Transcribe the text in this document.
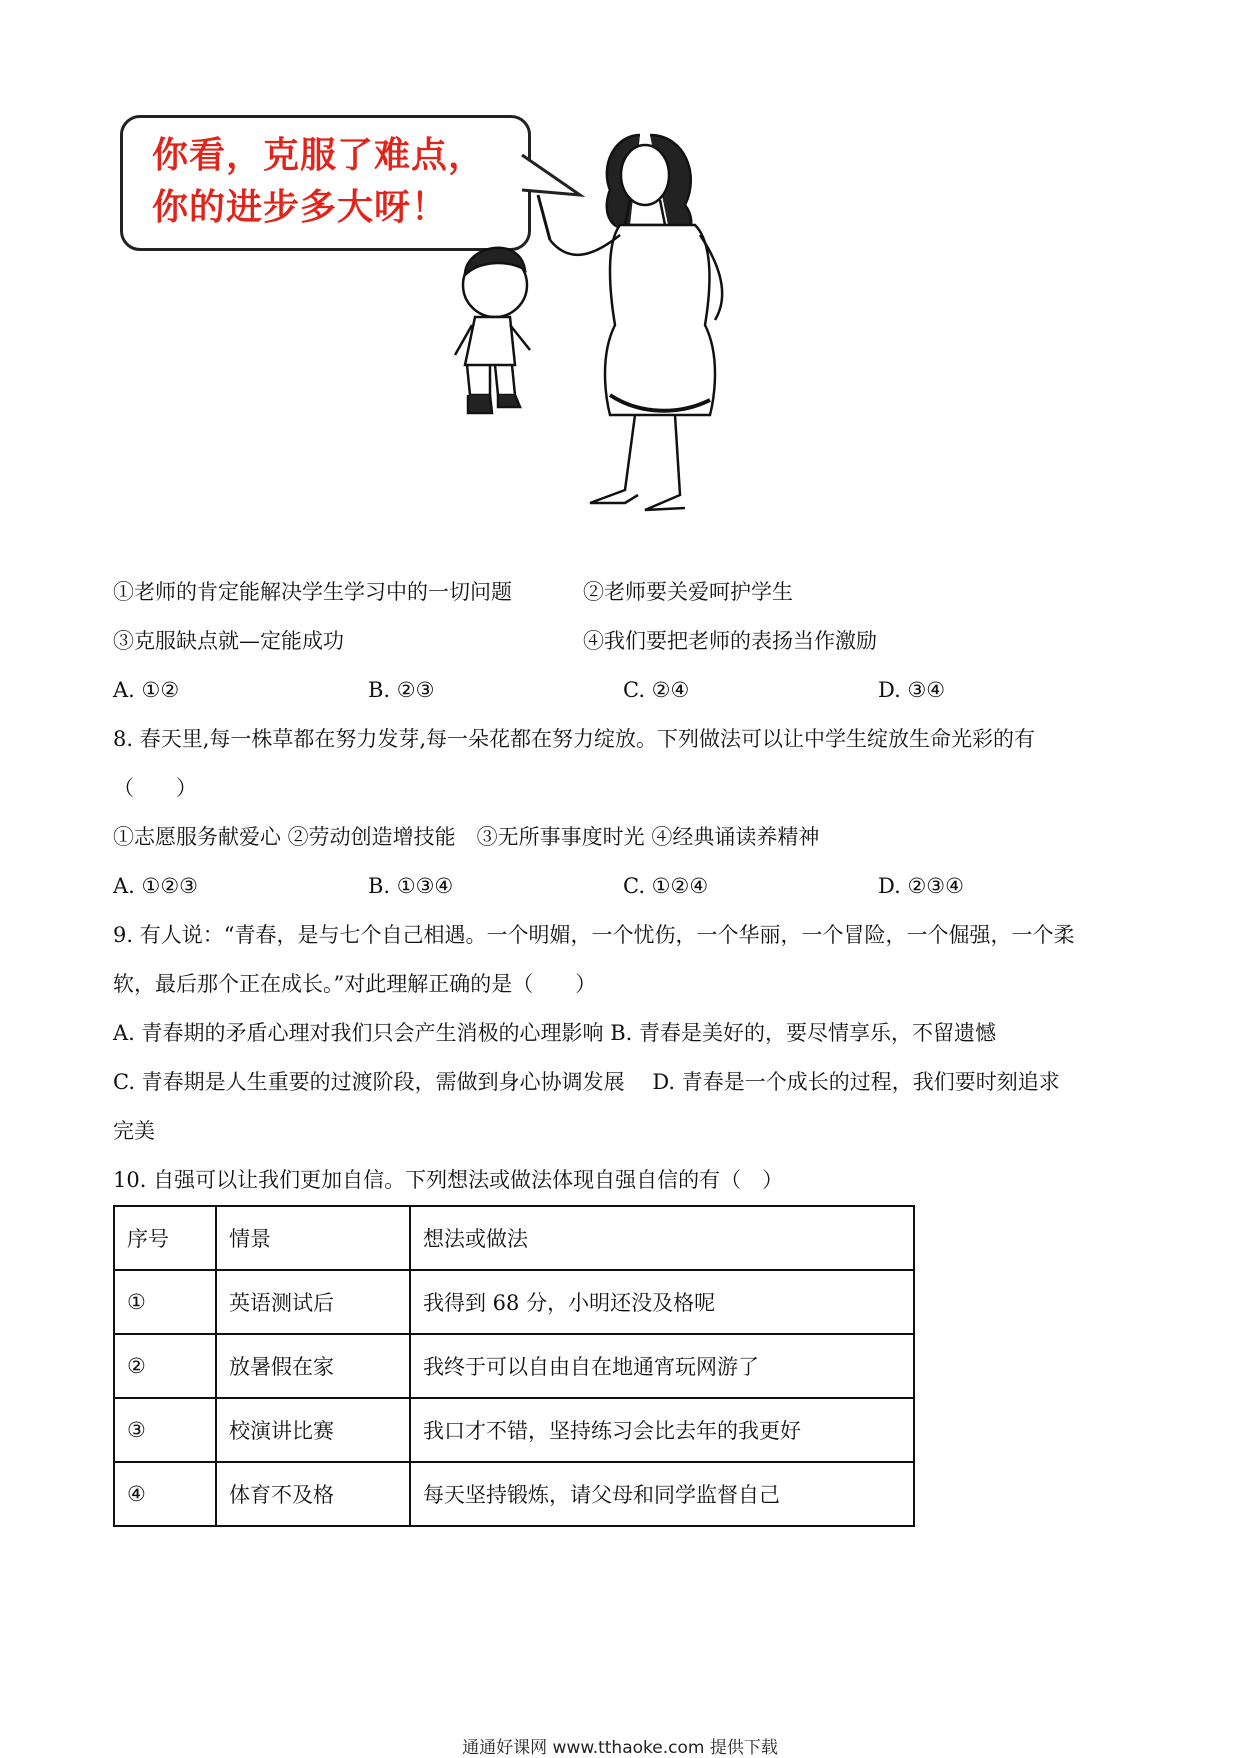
你看，克服了难点，
你的进步多大呀！
①老师的肯定能解决学生学习中的一切问题	②老师要关爱呵护学生
③克服缺点就—定能成功	④我们要把老师的表扬当作激励
A. ①②	B. ②③	C. ②④	D. ③④
8. 春天里,每一株草都在努力发芽,每一朵花都在努力绽放。下列做法可以让中学生绽放生命光彩的有
（　　）
①志愿服务献爱心 ②劳动创造增技能　③无所事事度时光 ④经典诵读养精神
A. ①②③	B. ①③④	C. ①②④	D. ②③④
9. 有人说：“青春，是与七个自己相遇。一个明媚，一个忧伤，一个华丽，一个冒险，一个倔强，一个柔
软，最后那个正在成长。”对此理解正确的是（　　）
A. 青春期的矛盾心理对我们只会产生消极的心理影响 B. 青春是美好的，要尽情享乐，不留遗憾
C. 青春期是人生重要的过渡阶段，需做到身心协调发展　 D. 青春是一个成长的过程，我们要时刻追求
完美
10. 自强可以让我们更加自信。下列想法或做法体现自强自信的有（　）
序号	情景	想法或做法
①	英语测试后	我得到 68 分，小明还没及格呢
②	放暑假在家	我终于可以自由自在地通宵玩网游了
③	校演讲比赛	我口才不错，坚持练习会比去年的我更好
④	体育不及格	每天坚持锻炼，请父母和同学监督自己
通通好课网 www.tthaoke.com 提供下载
